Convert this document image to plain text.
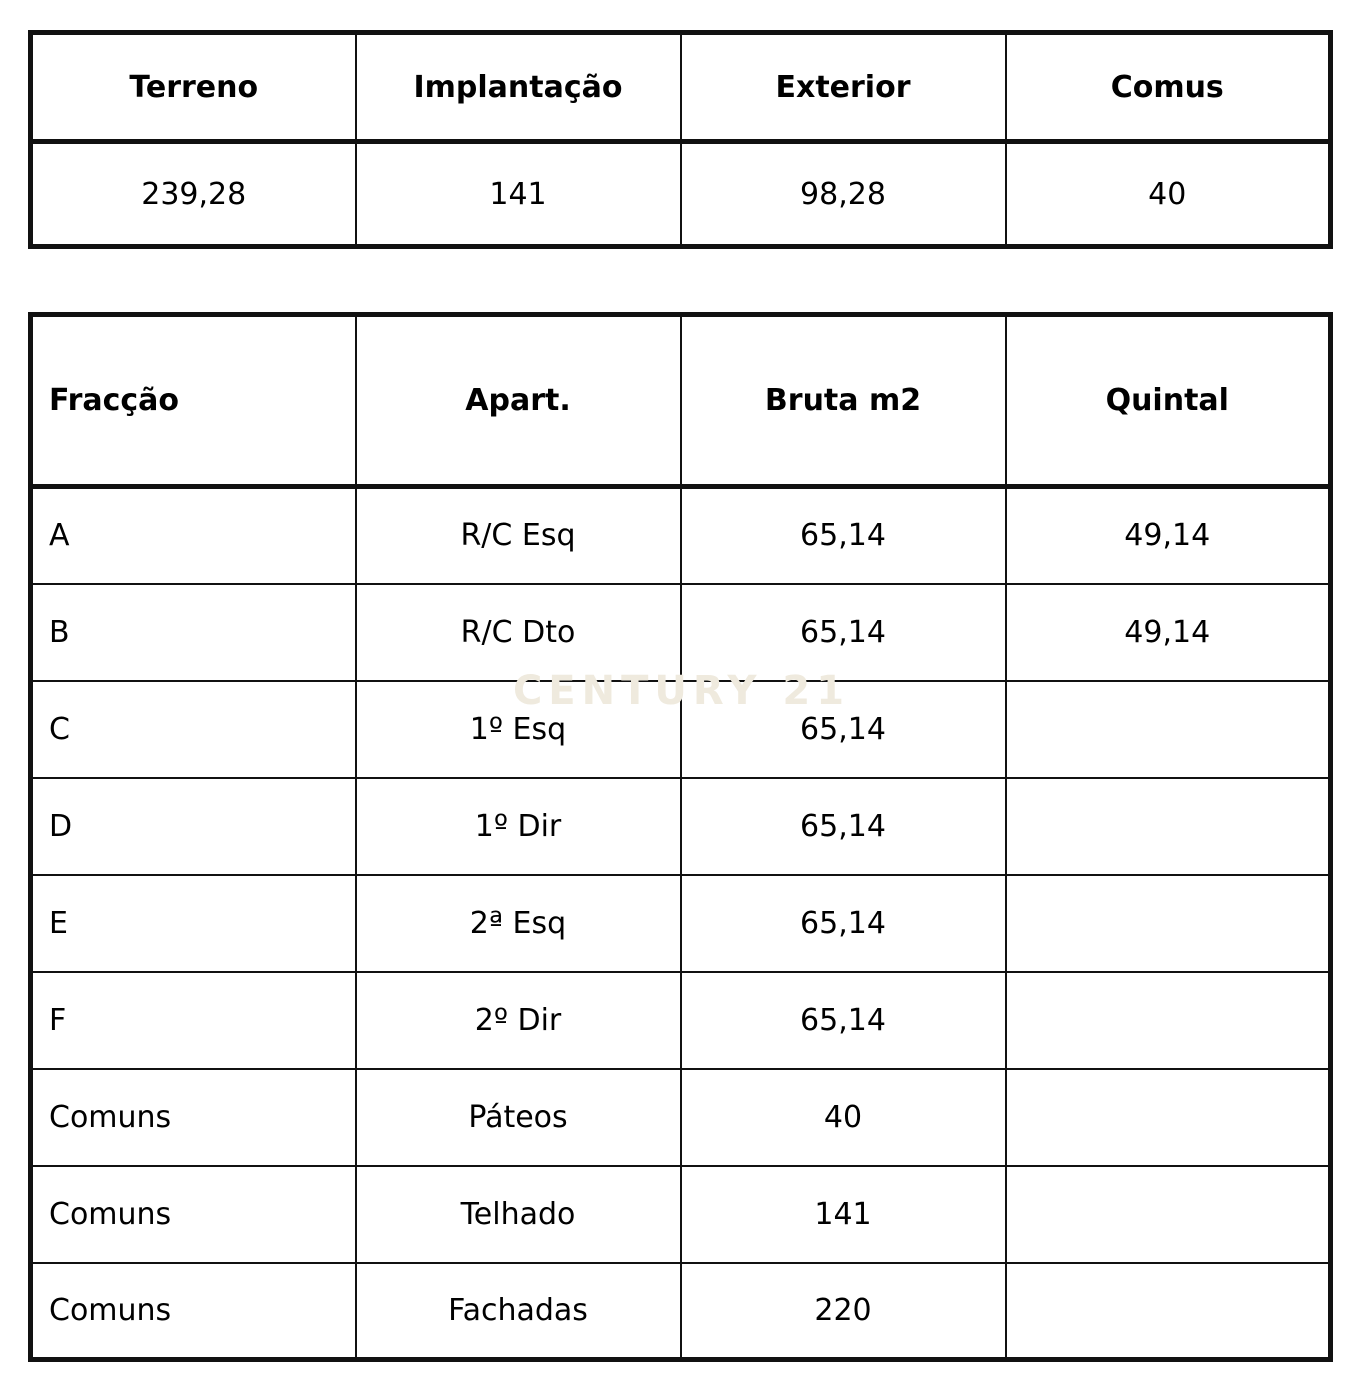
Terreno	Implantação	Exterior	Comus
239,28	141	98,28	40
CENTURY 21
Fracção	Apart.	Bruta m2	Quintal
A	R/C Esq	65,14	49,14
B	R/C Dto	65,14	49,14
C	1º Esq	65,14	
D	1º Dir	65,14	
E	2ª Esq	65,14	
F	2º Dir	65,14	
Comuns	Páteos	40	
Comuns	Telhado	141	
Comuns	Fachadas	220	
